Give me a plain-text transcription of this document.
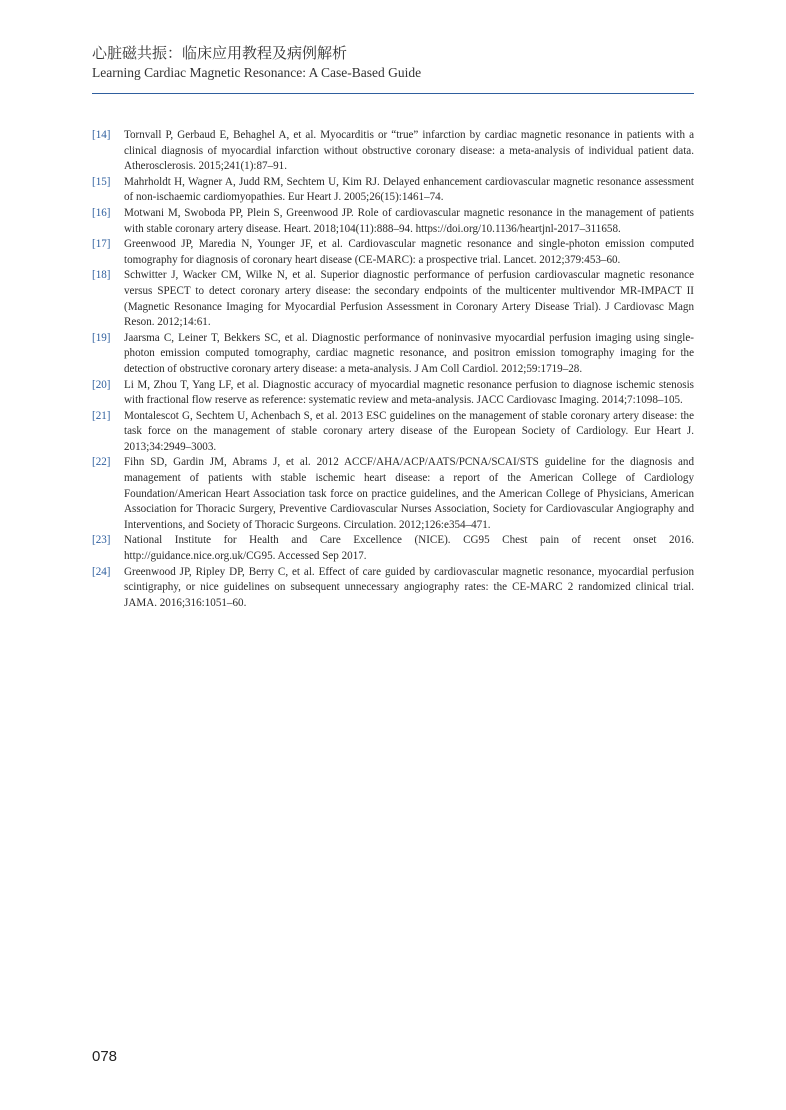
心脏磁共振：临床应用教程及病例解析
Learning Cardiac Magnetic Resonance: A Case-Based Guide
[14] Tornvall P, Gerbaud E, Behaghel A, et al. Myocarditis or “true” infarction by cardiac magnetic resonance in patients with a clinical diagnosis of myocardial infarction without obstructive coronary disease: a meta-analysis of individual patient data. Atherosclerosis. 2015;241(1):87–91.
[15] Mahrholdt H, Wagner A, Judd RM, Sechtem U, Kim RJ. Delayed enhancement cardiovascular magnetic resonance assessment of non-ischaemic cardiomyopathies. Eur Heart J. 2005;26(15):1461–74.
[16] Motwani M, Swoboda PP, Plein S, Greenwood JP. Role of cardiovascular magnetic resonance in the management of patients with stable coronary artery disease. Heart. 2018;104(11):888–94. https://doi.org/10.1136/heartjnl-2017–311658.
[17] Greenwood JP, Maredia N, Younger JF, et al. Cardiovascular magnetic resonance and single-photon emission computed tomography for diagnosis of coronary heart disease (CE-MARC): a prospective trial. Lancet. 2012;379:453–60.
[18] Schwitter J, Wacker CM, Wilke N, et al. Superior diagnostic performance of perfusion cardiovascular magnetic resonance versus SPECT to detect coronary artery disease: the secondary endpoints of the multicenter multivendor MR-IMPACT II (Magnetic Resonance Imaging for Myocardial Perfusion Assessment in Coronary Artery Disease Trial). J Cardiovasc Magn Reson. 2012;14:61.
[19] Jaarsma C, Leiner T, Bekkers SC, et al. Diagnostic performance of noninvasive myocardial perfusion imaging using single-photon emission computed tomography, cardiac magnetic resonance, and positron emission tomography imaging for the detection of obstructive coronary artery disease: a meta-analysis. J Am Coll Cardiol. 2012;59:1719–28.
[20] Li M, Zhou T, Yang LF, et al. Diagnostic accuracy of myocardial magnetic resonance perfusion to diagnose ischemic stenosis with fractional flow reserve as reference: systematic review and meta-analysis. JACC Cardiovasc Imaging. 2014;7:1098–105.
[21] Montalescot G, Sechtem U, Achenbach S, et al. 2013 ESC guidelines on the management of stable coronary artery disease: the task force on the management of stable coronary artery disease of the European Society of Cardiology. Eur Heart J. 2013;34:2949–3003.
[22] Fihn SD, Gardin JM, Abrams J, et al. 2012 ACCF/AHA/ACP/AATS/PCNA/SCAI/STS guideline for the diagnosis and management of patients with stable ischemic heart disease: a report of the American College of Cardiology Foundation/American Heart Association task force on practice guidelines, and the American College of Physicians, American Association for Thoracic Surgery, Preventive Cardiovascular Nurses Association, Society for Cardiovascular Angiography and Interventions, and Society of Thoracic Surgeons. Circulation. 2012;126:e354–471.
[23] National Institute for Health and Care Excellence (NICE). CG95 Chest pain of recent onset 2016. http://guidance.nice.org.uk/CG95. Accessed Sep 2017.
[24] Greenwood JP, Ripley DP, Berry C, et al. Effect of care guided by cardiovascular magnetic resonance, myocardial perfusion scintigraphy, or nice guidelines on subsequent unnecessary angiography rates: the CE-MARC 2 randomized clinical trial. JAMA. 2016;316:1051–60.
078
